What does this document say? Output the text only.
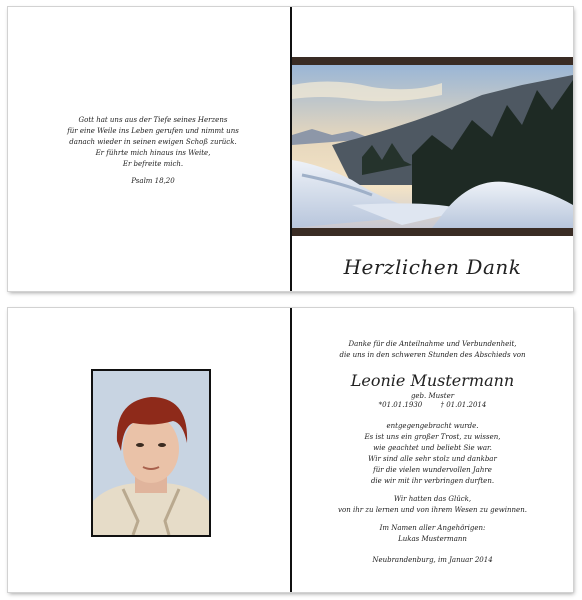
Gott hat uns aus der Tiefe seines Herzens
für eine Weile ins Leben gerufen und nimmt uns
danach wieder in seinen ewigen Schoß zurück.
Er führte mich hinaus ins Weite,
Er befreite mich.
Psalm 18,20
Herzlichen Dank
Danke für die Anteilnahme und Verbundenheit,
die uns in den schweren Stunden des Abschieds von
Leonie Mustermann
geb. Muster
*01.01.1930	† 01.01.2014
entgegengebracht wurde.
Es ist uns ein großer Trost, zu wissen,
wie geachtet und beliebt Sie war.
Wir sind alle sehr stolz und dankbar
für die vielen wundervollen Jahre
die wir mit ihr verbringen durften.
Wir hatten das Glück,
von ihr zu lernen und von ihrem Wesen zu gewinnen.
Im Namen aller Angehörigen:
Lukas Mustermann
Neubrandenburg, im Januar 2014
